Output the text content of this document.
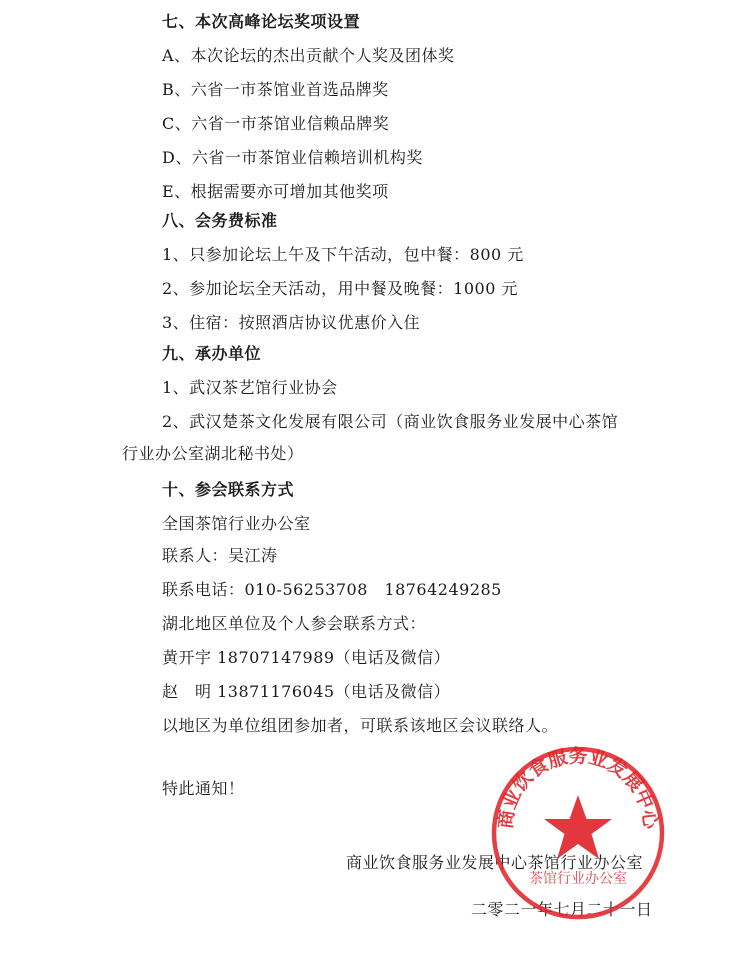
七、本次高峰论坛奖项设置
A、本次论坛的杰出贡献个人奖及团体奖
B、六省一市茶馆业首选品牌奖
C、六省一市茶馆业信赖品牌奖
D、六省一市茶馆业信赖培训机构奖
E、根据需要亦可增加其他奖项
八、会务费标准
1、只参加论坛上午及下午活动，包中餐：800 元
2、参加论坛全天活动，用中餐及晚餐：1000 元
3、住宿：按照酒店协议优惠价入住
九、承办单位
1、武汉茶艺馆行业协会
2、武汉楚茶文化发展有限公司（商业饮食服务业发展中心茶馆
行业办公室湖北秘书处）
十、参会联系方式
全国茶馆行业办公室
联系人：吴江涛
联系电话：010-56253708　18764249285
湖北地区单位及个人参会联系方式：
黄开宇 18707147989（电话及微信）
赵　明 13871176045（电话及微信）
以地区为单位组团参加者，可联系该地区会议联络人。
特此通知！
商业饮食服务业发展中心茶馆行业办公室
二零二一年七月二十一日
商业饮食服务业发展中心
茶馆行业办公室
